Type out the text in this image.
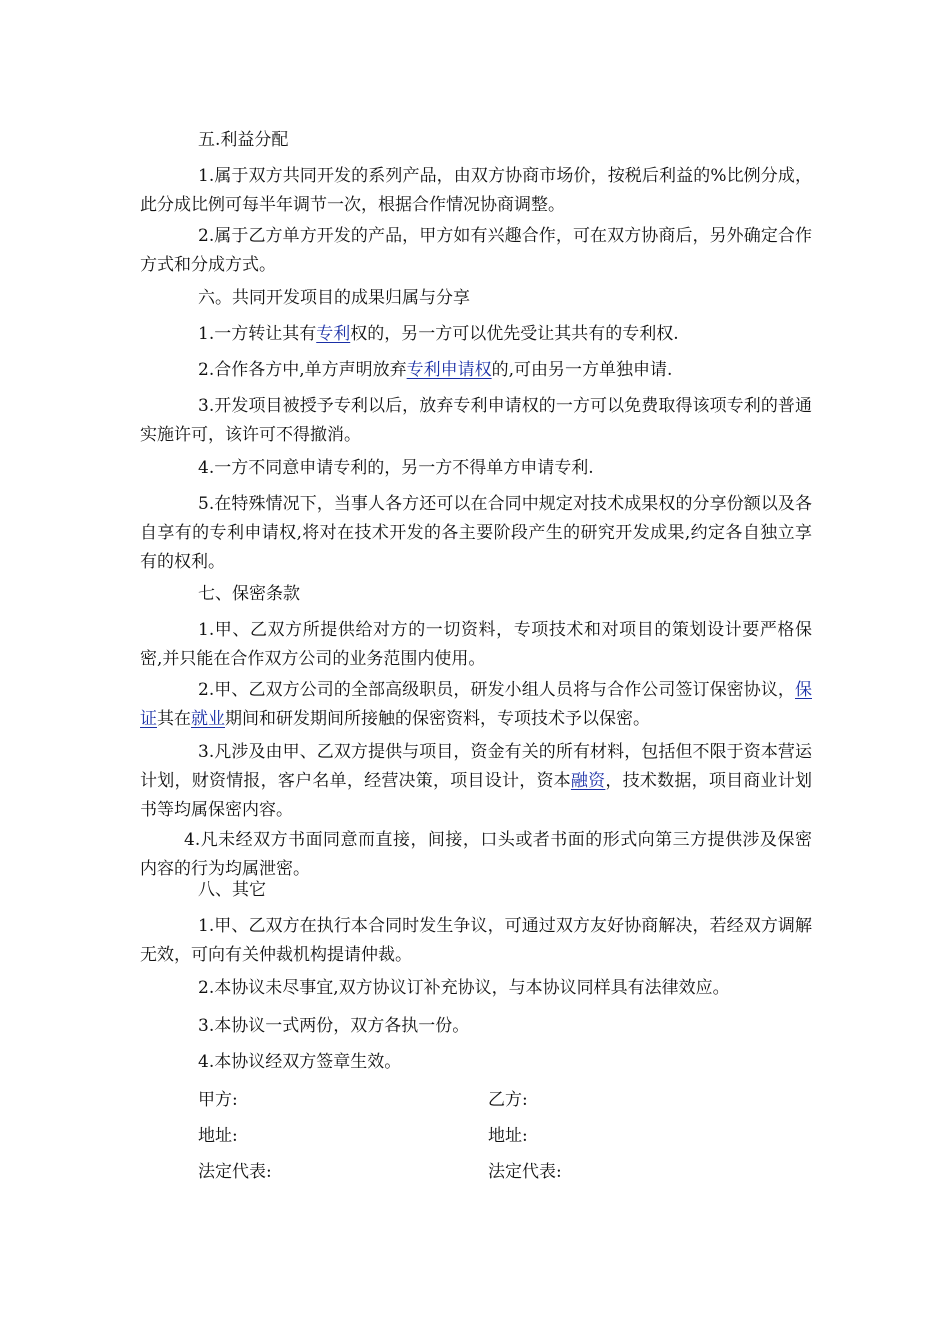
五.利益分配

1.属于双方共同开发的系列产品，由双方协商市场价，按税后利益的%比例分成，此分成比例可每半年调节一次，根据合作情况协商调整。

2.属于乙方单方开发的产品，甲方如有兴趣合作，可在双方协商后，另外确定合作方式和分成方式。

六。共同开发项目的成果归属与分享

1.一方转让其有专利权的，另一方可以优先受让其共有的专利权.

2.合作各方中,单方声明放弃专利申请权的,可由另一方单独申请.

3.开发项目被授予专利以后，放弃专利申请权的一方可以免费取得该项专利的普通实施许可，该许可不得撤消。

4.一方不同意申请专利的，另一方不得单方申请专利.

5.在特殊情况下，当事人各方还可以在合同中规定对技术成果权的分享份额以及各自享有的专利申请权,将对在技术开发的各主要阶段产生的研究开发成果,约定各自独立享有的权利。

七、保密条款

1.甲、乙双方所提供给对方的一切资料，专项技术和对项目的策划设计要严格保密,并只能在合作双方公司的业务范围内使用。

2.甲、乙双方公司的全部高级职员，研发小组人员将与合作公司签订保密协议，保证其在就业期间和研发期间所接触的保密资料，专项技术予以保密。

3.凡涉及由甲、乙双方提供与项目，资金有关的所有材料，包括但不限于资本营运计划，财资情报，客户名单，经营决策，项目设计，资本融资，技术数据，项目商业计划书等均属保密内容。

4.凡未经双方书面同意而直接，间接，口头或者书面的形式向第三方提供涉及保密内容的行为均属泄密。

八、其它

1.甲、乙双方在执行本合同时发生争议，可通过双方友好协商解决，若经双方调解无效，可向有关仲裁机构提请仲裁。

2.本协议未尽事宜,双方协议订补充协议，与本协议同样具有法律效应。

3.本协议一式两份，双方各执一份。

4.本协议经双方签章生效。

甲方:	乙方:

地址:	地址:

法定代表:	法定代表:
